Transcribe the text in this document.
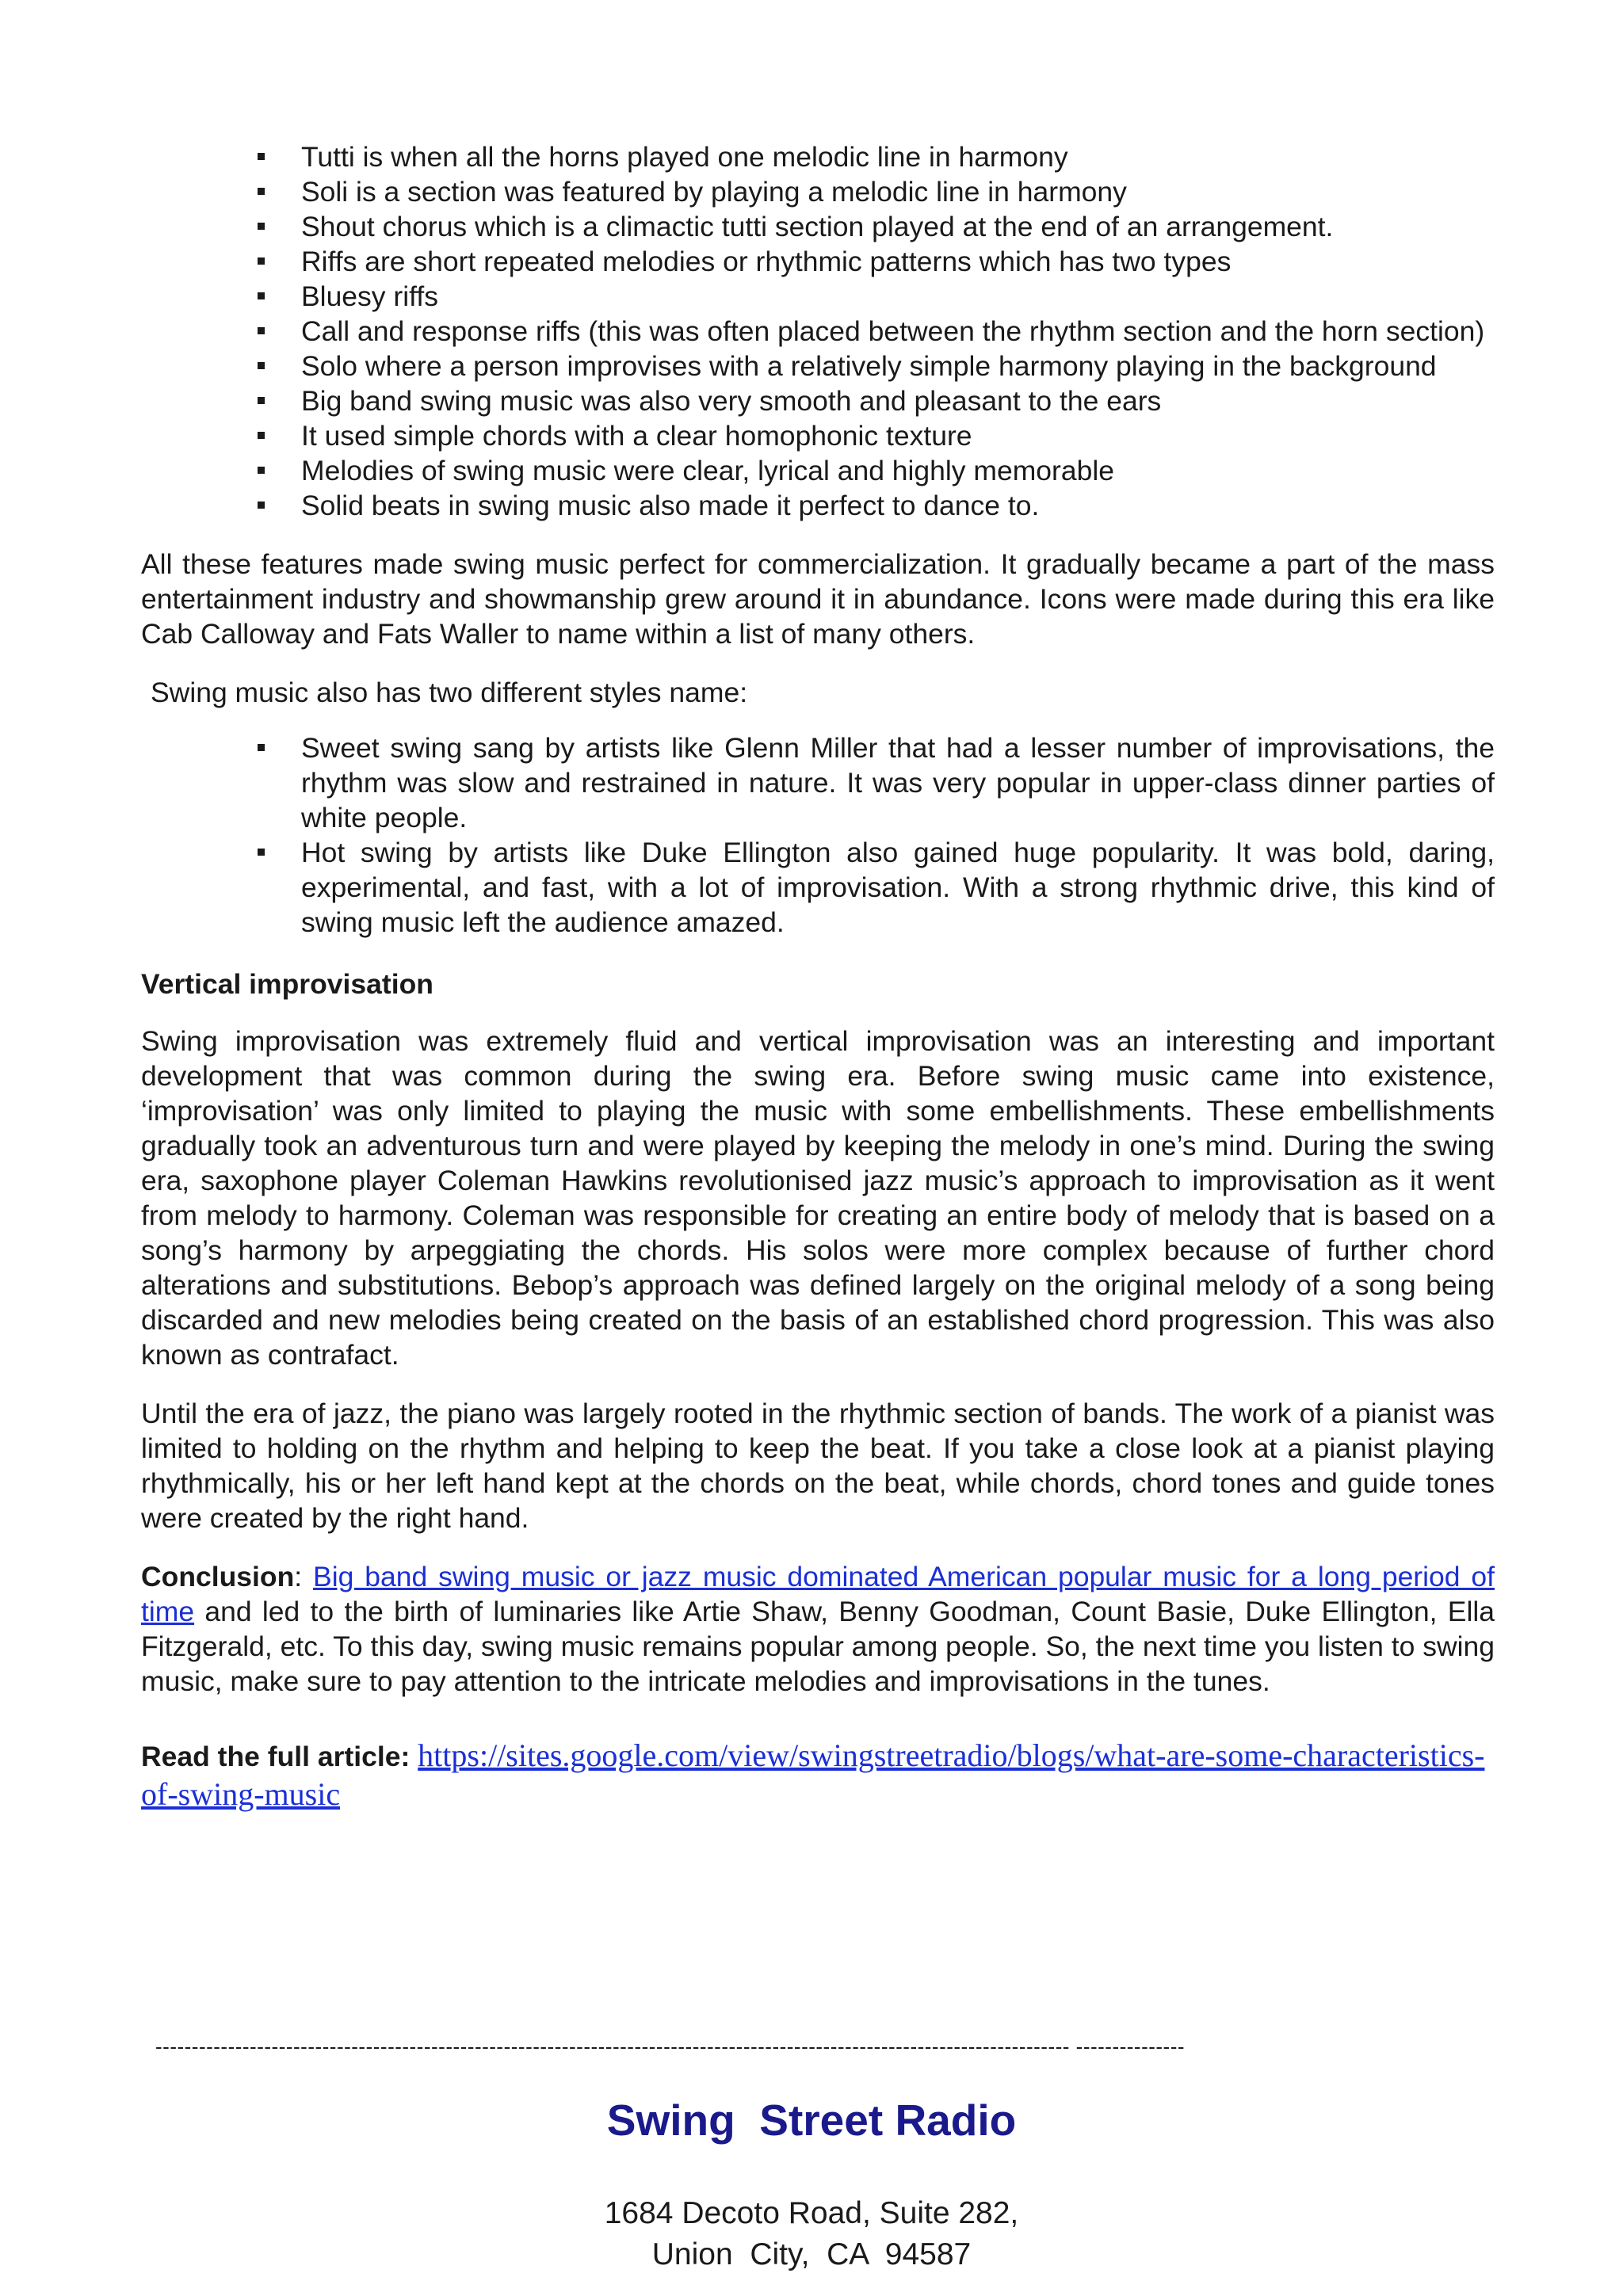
Tutti is when all the horns played one melodic line in harmony
Soli is a section was featured by playing a melodic line in harmony
Shout chorus which is a climactic tutti section played at the end of an arrangement.
Riffs are short repeated melodies or rhythmic patterns which has two types
Bluesy riffs
Call and response riffs (this was often placed between the rhythm section and the horn section)
Solo where a person improvises with a relatively simple harmony playing in the background
Big band swing music was also very smooth and pleasant to the ears
It used simple chords with a clear homophonic texture
Melodies of swing music were clear, lyrical and highly memorable
Solid beats in swing music also made it perfect to dance to.

All these features made swing music perfect for commercialization. It gradually became a part of the mass entertainment industry and showmanship grew around it in abundance. Icons were made during this era like Cab Calloway and Fats Waller to name within a list of many others.

Swing music also has two different styles name:

Sweet swing sang by artists like Glenn Miller that had a lesser number of improvisations, the rhythm was slow and restrained in nature. It was very popular in upper-class dinner parties of white people.
Hot swing by artists like Duke Ellington also gained huge popularity. It was bold, daring, experimental, and fast, with a lot of improvisation. With a strong rhythmic drive, this kind of swing music left the audience amazed.

Vertical improvisation

Swing improvisation was extremely fluid and vertical improvisation was an interesting and important development that was common during the swing era. Before swing music came into existence, ‘improvisation’ was only limited to playing the music with some embellishments. These embellishments gradually took an adventurous turn and were played by keeping the melody in one’s mind. During the swing era, saxophone player Coleman Hawkins revolutionised jazz music’s approach to improvisation as it went from melody to harmony. Coleman was responsible for creating an entire body of melody that is based on a song’s harmony by arpeggiating the chords. His solos were more complex because of further chord alterations and substitutions. Bebop’s approach was defined largely on the original melody of a song being discarded and new melodies being created on the basis of an established chord progression. This was also known as contrafact.

Until the era of jazz, the piano was largely rooted in the rhythmic section of bands. The work of a pianist was limited to holding on the rhythm and helping to keep the beat. If you take a close look at a pianist playing rhythmically, his or her left hand kept at the chords on the beat, while chords, chord tones and guide tones were created by the right hand.

Conclusion: Big band swing music or jazz music dominated American popular music for a long period of time and led to the birth of luminaries like Artie Shaw, Benny Goodman, Count Basie, Duke Ellington, Ella Fitzgerald, etc. To this day, swing music remains popular among people. So, the next time you listen to swing music, make sure to pay attention to the intricate melodies and improvisations in the tunes.

Read the full article: https://sites.google.com/view/swingstreetradio/blogs/what-are-some-characteristics-of-swing-music

------------------------------------------------------------------------------------------------------------------------------ ---------------
Swing  Street Radio
1684 Decoto Road, Suite 282,
Union  City,  CA  94587
